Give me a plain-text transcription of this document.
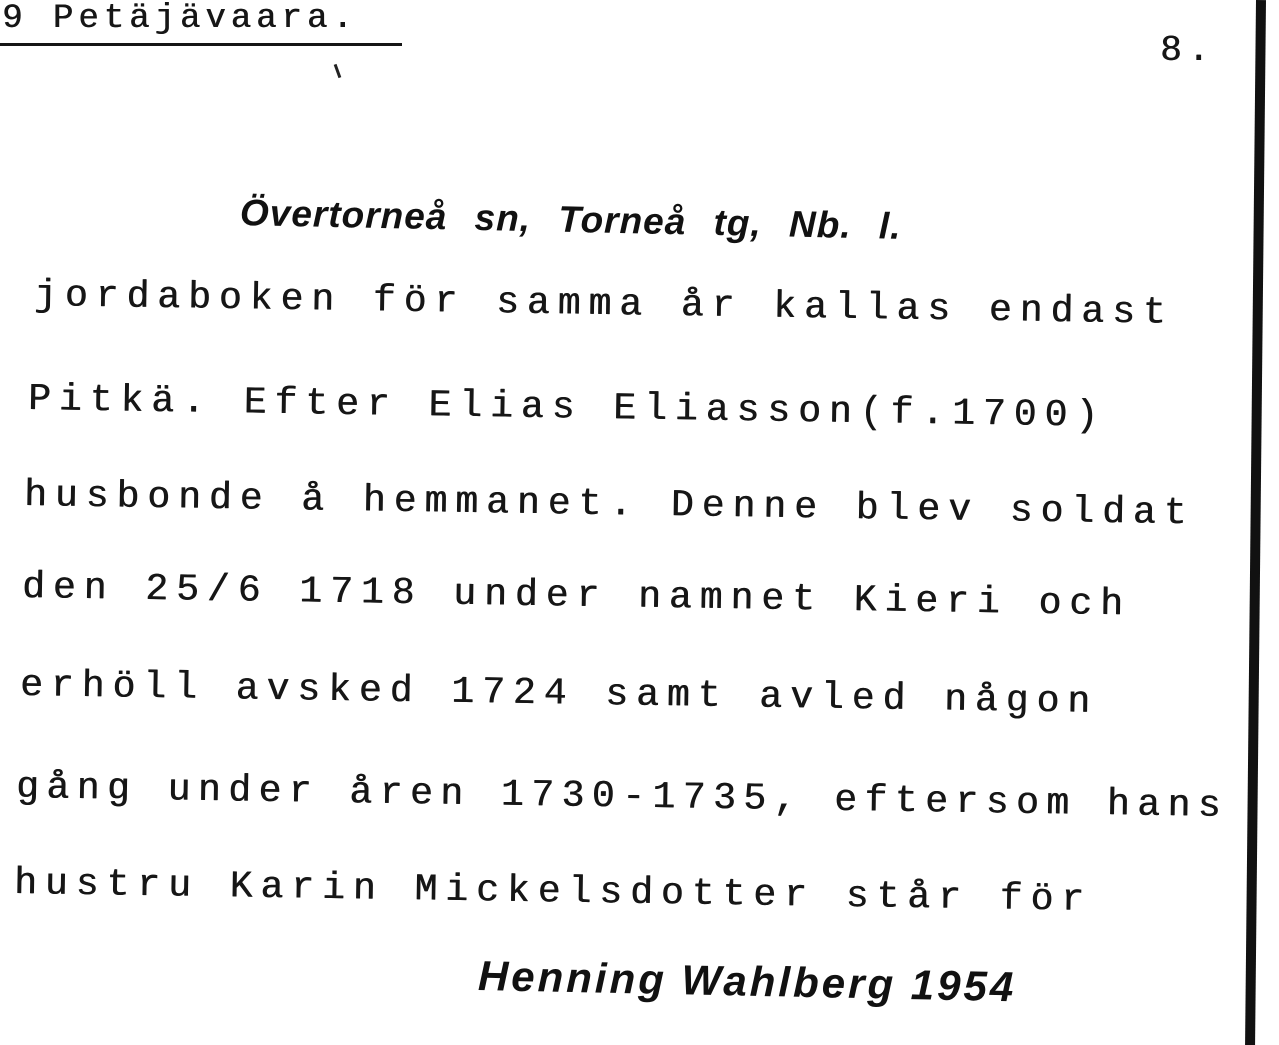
9 Petäjävaara.
8.
Övertorneå sn, Torneå tg, Nb. l.
jordaboken för samma år kallas endast
Pitkä. Efter Elias Eliasson(f.1700)
husbonde å hemmanet. Denne blev soldat
den 25/6 1718 under namnet Kieri och
erhöll avsked 1724 samt avled någon
gång under åren 1730-1735, eftersom hans
hustru Karin Mickelsdotter står för
Henning Wahlberg 1954
